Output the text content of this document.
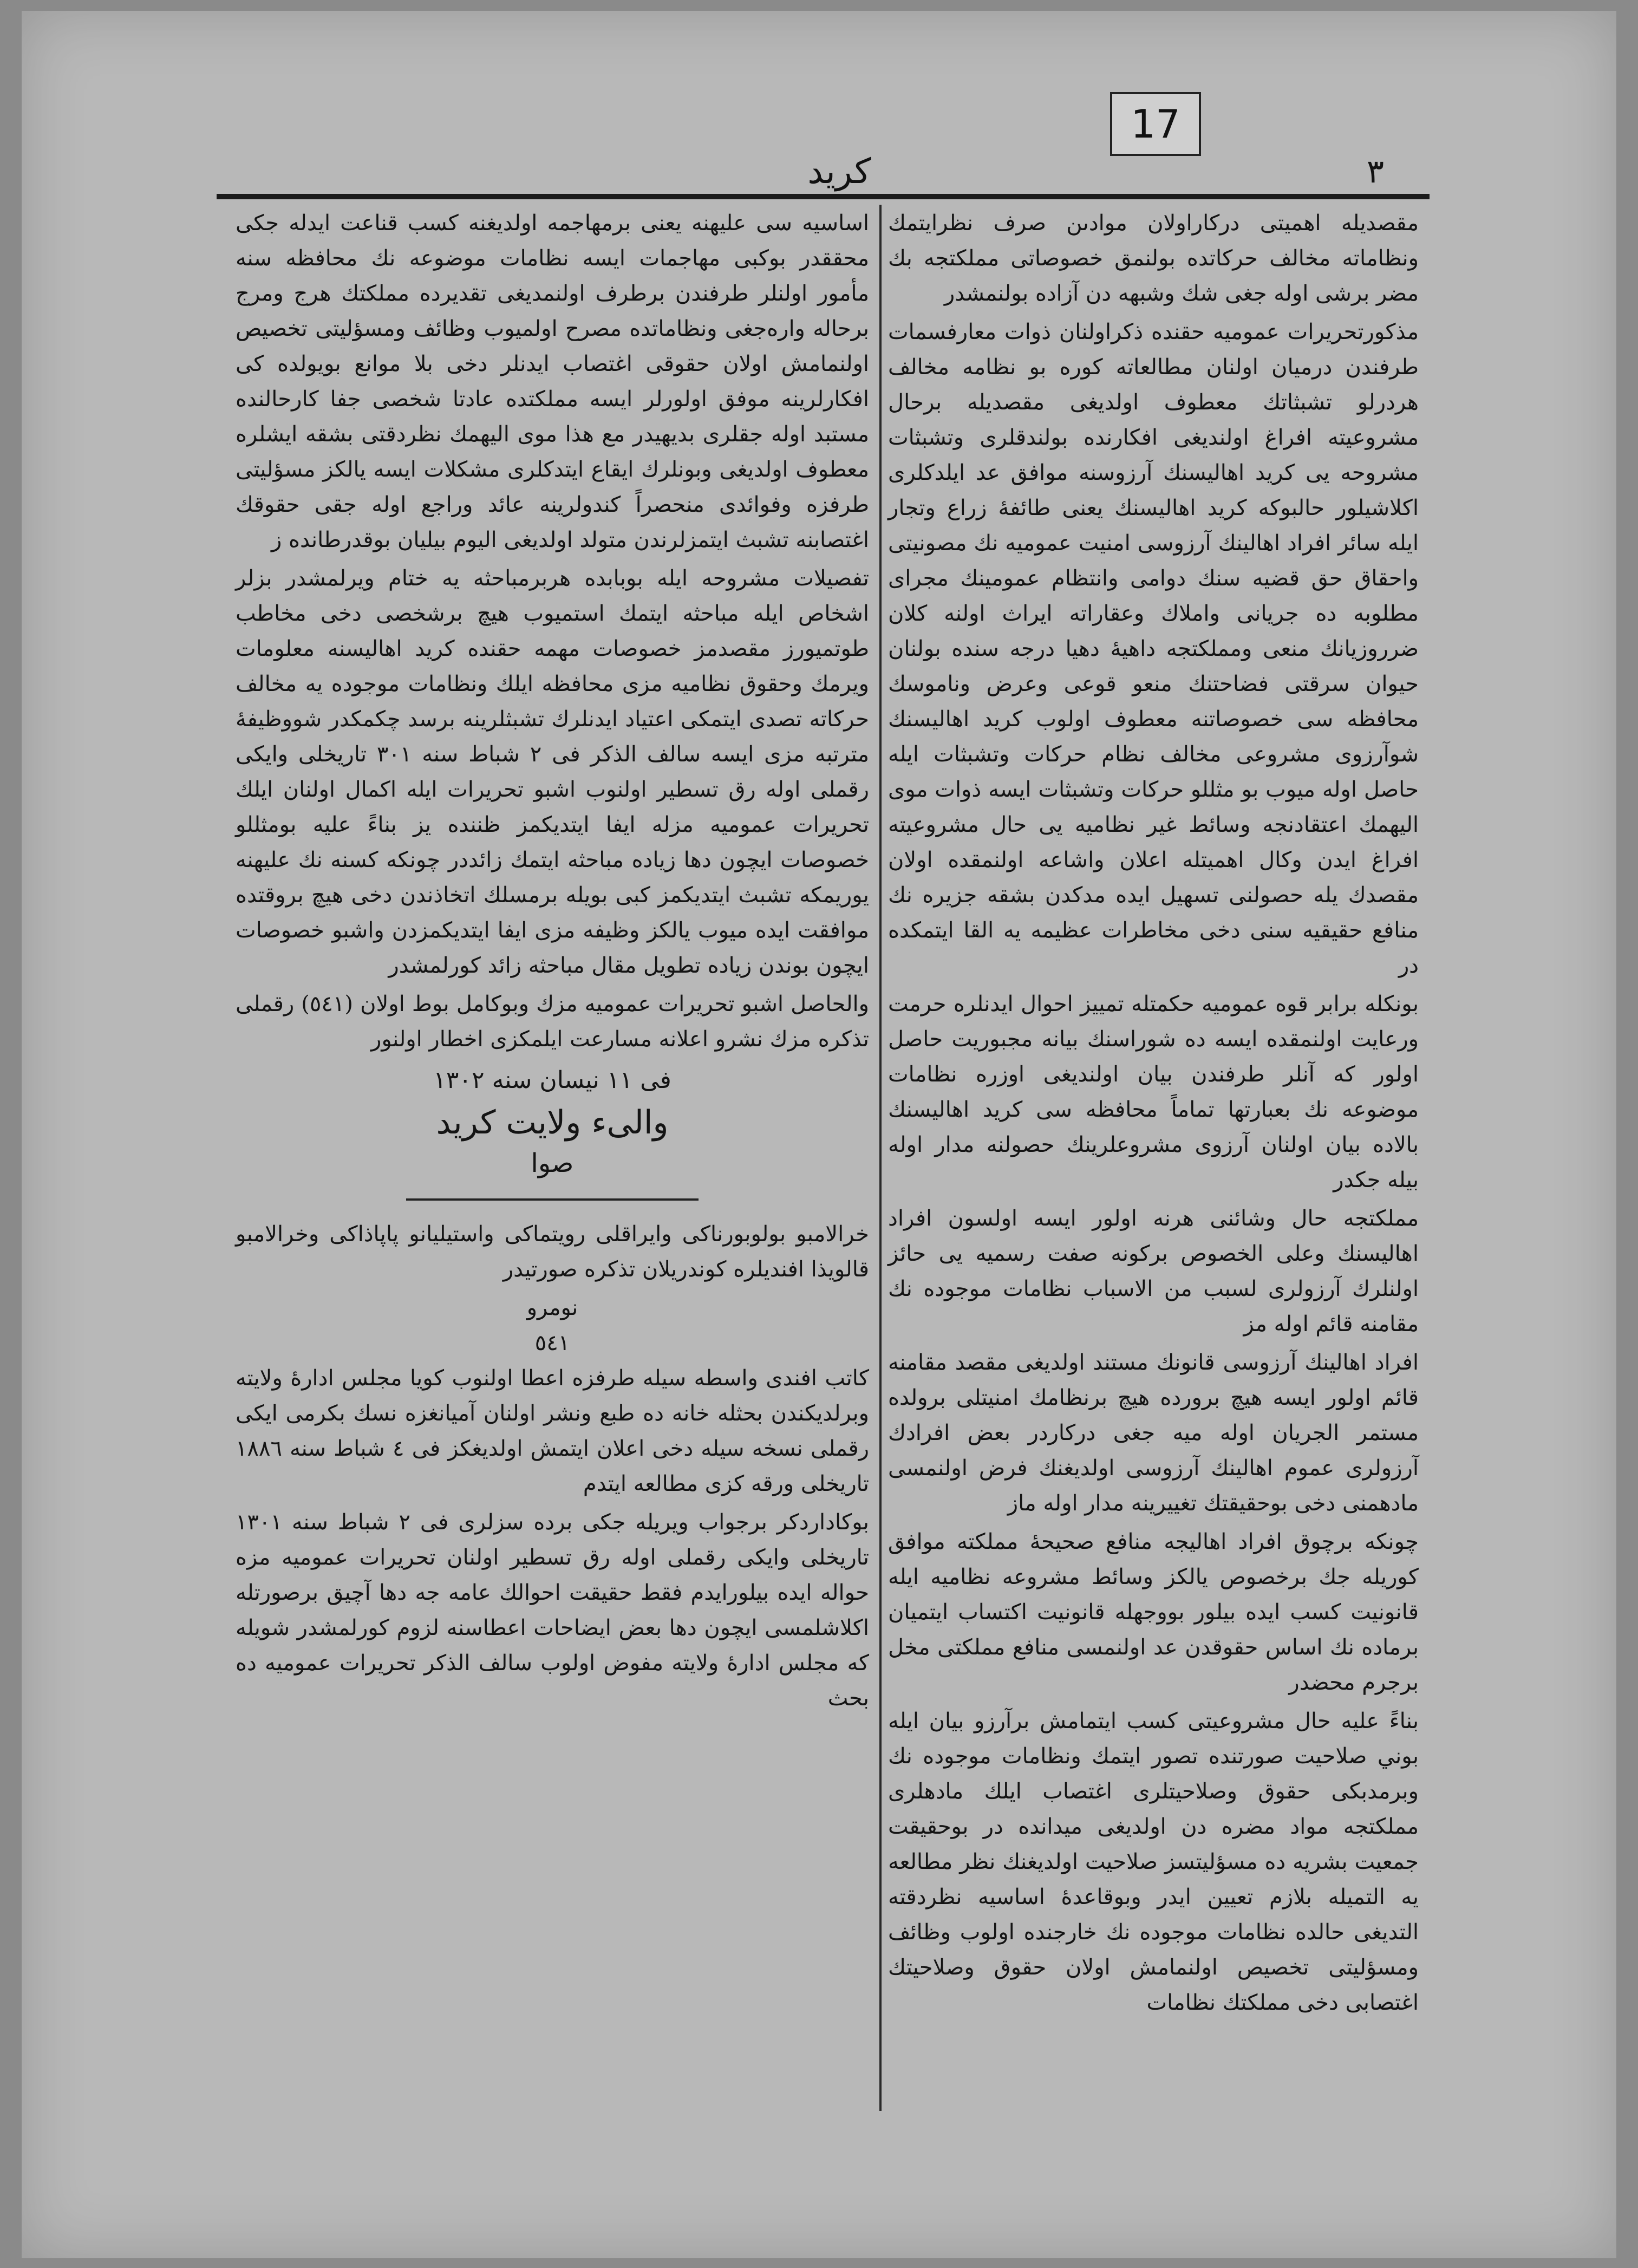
17
كريد	٣

مقصديله اهميتى دركاراولان موادىن صرف نظرايتمك ونظاماته مخالف حركاتده بولنمق خصوصاتى مملكتجه بك مضر برشى اوله جغى شك وشبهه دن آزاده بولنمشدر

مذكورتحريرات عموميه حقنده ذكراولنان ذوات معارفسمات طرفندن درميان اولنان مطالعاته كوره بو نظامه مخالف هردرلو تشبثاتك معطوف اولديغى مقصديله برحال مشروعيته افراغ اولنديغى افكارنده بولندقلرى وتشبثات مشروحه يى كريد اهاليسنك آرزوسنه موافق عد ايلدكلرى اكلاشيلور حالبوكه كريد اهاليسنك يعنى طائفۀ زراع وتجار ايله سائر افراد اهالينك آرزوسى امنيت عموميه نك مصونيتى واحقاق حق قضيه سنك دوامى وانتظام عمومينك مجراى مطلوبه ده جريانى واملاك وعقاراته ايراث اولنه كلان ضرروزيانك منعى ومملكتجه داهيۀ دهيا درجه سنده بولنان حيوان سرقتى فضاحتنك منعو قوعى وعرض وناموسك محافظه سى خصوصاتنه معطوف اولوب كريد اهاليسنك شوآرزوى مشروعى مخالف نظام حركات وتشبثات ايله حاصل اوله ميوب بو مثللو حركات وتشبثات ايسه ذوات موى اليهمك اعتقادنجه وسائط غير نظاميه يى حال مشروعيته افراغ ايدن وكال اهميتله اعلان واشاعه اولنمقده اولان مقصدك يله حصولنى تسهيل ايده مدكدن بشقه جزيره نك منافع حقيقيه سنى دخى مخاطرات عظيمه يه القا ايتمكده در

بونكله برابر قوه عموميه حكمتله تمييز احوال ايدنلره حرمت ورعايت اولنمقده ايسه ده شوراسنك بيانه مجبوريت حاصل اولور كه آنلر طرفندن بيان اولنديغى اوزره نظامات موضوعه نك بعبارتها تماماً محافظه سى كريد اهاليسنك بالاده بيان اولنان آرزوى مشروعلرينك حصولنه مدار اوله بيله جكدر

مملكتجه حال وشائنى هرنه اولور ايسه اولسون افراد اهاليسنك وعلى الخصوص بركونه صفت رسميه يى حائز اولنلرك آرزولرى لسبب من الاسباب نظامات موجوده نك مقامنه قائم اوله مز

افراد اهالينك آرزوسى قانونك مستند اولديغى مقصد مقامنه قائم اولور ايسه هيچ برورده هيچ برنظامك امنيتلى برولده مستمر الجريان اوله ميه جغى دركاردر بعض افرادك آرزولرى عموم اهالينك آرزوسى اولديغنك فرض اولنمسى مادهمنى دخى بوحقيقتك تغييرينه مدار اوله ماز

چونكه برچوق افراد اهاليجه منافع صحيحۀ مملكته موافق كوريله جك برخصوص يالكز وسائط مشروعه نظاميه ايله قانونيت كسب ايده بيلور بووجهله قانونيت اكتساب ايتميان برماده نك اساس حقوقدن عد اولنمسى منافع مملكتى مخل برجرم محضدر

بناءً عليه حال مشروعيتى كسب ايتمامش برآرزو بيان ايله بوني صلاحيت صورتنده تصور ايتمك ونظامات موجوده نك وبرمدبكى حقوق وصلاحيتلرى اغتصاب ايلك مادهلرى مملكتجه مواد مضره دن اولديغى ميدانده در بوحقيقت جمعيت بشريه ده مسؤليتسز صلاحيت اولديغنك نظر مطالعه يه التميله بلازم تعيين ايدر وبوقاعدۀ اساسيه نظردقته التديغى حالده نظامات موجوده نك خارجنده اولوب وظائف ومسؤليتى تخصيص اولنمامش اولان حقوق وصلاحيتك اغتصابى دخى مملكتك نظامات

اساسيه سى عليهنه يعنى برمهاجمه اولديغنه كسب قناعت ايدله جكى محققدر بوكبى مهاجمات ايسه نظامات موضوعه نك محافظه سنه مأمور اولنلر طرفندن برطرف اولنمديغى تقديرده مملكتك هرج ومرج برحاله وارەجغى ونظاماتده مصرح اولميوب وظائف ومسؤليتى تخصيص اولنمامش اولان حقوقى اغتصاب ايدنلر دخى بلا موانع بويولده كى افكارلرينه موفق اولورلر ايسه مملكتده عادتا شخصى جفا كارحالنده مستبد اوله جقلرى بديهيدر مع هذا موى اليهمك نظردقتى بشقه ايشلره معطوف اولديغى وبونلرك ايقاع ايتدكلرى مشكلات ايسه يالكز مسؤليتى طرفزه وفوائدى منحصراً كندولرينه عائد وراجع اوله جقى حقوقك اغتصابنه تشبث ايتمزلرندن متولد اولديغى اليوم بيليان بوقدرطانده ز

تفصيلات مشروحه ايله بوبابده هربرمباحثه يه ختام ويرلمشدر بزلر اشخاص ايله مباحثه ايتمك استميوب هيچ برشخصى دخى مخاطب طوتميورز مقصدمز خصوصات مهمه حقنده كريد اهاليسنه معلومات ويرمك وحقوق نظاميه مزى محافظه ايلك ونظامات موجوده يه مخالف حركاته تصدى ايتمكى اعتياد ايدنلرك تشبثلرينه برسد چكمكدر شووظيفۀ مترتبه مزى ايسه سالف الذكر فى ٢ شباط سنه ٣٠١ تاريخلى وايكى رقملى اوله رق تسطير اولنوب اشبو تحريرات ايله اكمال اولنان ايلك تحريرات عموميه مزله ايفا ايتديكمز ظننده يز بناءً عليه بومثللو خصوصات ايچون دها زياده مباحثه ايتمك زائددر چونكه كسنه نك عليهنه يوريمكه تشبث ايتديكمز كبى بويله برمسلك اتخاذندن دخى هيچ بروقتده موافقت ايده ميوب يالكز وظيفه مزى ايفا ايتديكمزدن واشبو خصوصات ايچون بوندن زياده تطويل مقال مباحثه زائد كورلمشدر

والحاصل اشبو تحريرات عموميه مزك وبوكامل بوط اولان (٥٤١) رقملى تذكره مزك نشرو اعلانه مسارعت ايلمكزى اخطار اولنور

فى ١١ نيسان سنه ١٣٠٢
والىء ولايت كريد
صوا

خرالامبو بولوبورناكى وايراقلى رويتماكى واستيليانو پاپاذاكى وخرالامبو قالويذا افنديلره كوندريلان تذكره صورتيدر

نومرو
٥٤١

كاتب افندى واسطه سيله طرفزه اعطا اولنوب كويا مجلس ادارۀ ولايته وبرلديكندن بحثله خانه ده طبع ونشر اولنان آميانغزه نسك بكرمى ايكى رقملى نسخه سيله دخى اعلان ايتمش اولديغكز فى ٤ شباط سنه ١٨٨٦ تاريخلى ورقه كزى مطالعه ايتدم

بوكاداردكر برجواب ويريله جكى برده سزلرى فى ٢ شباط سنه ١٣٠١ تاريخلى وايكى رقملى اوله رق تسطير اولنان تحريرات عموميه مزه حواله ايده بيلورايدم فقط حقيقت احوالك عامه جه دها آچيق برصورتله اكلاشلمسى ايچون دها بعض ايضاحات اعطاسنه لزوم كورلمشدر شويله كه مجلس ادارۀ ولايته مفوض اولوب سالف الذكر تحريرات عموميه ده بحث
